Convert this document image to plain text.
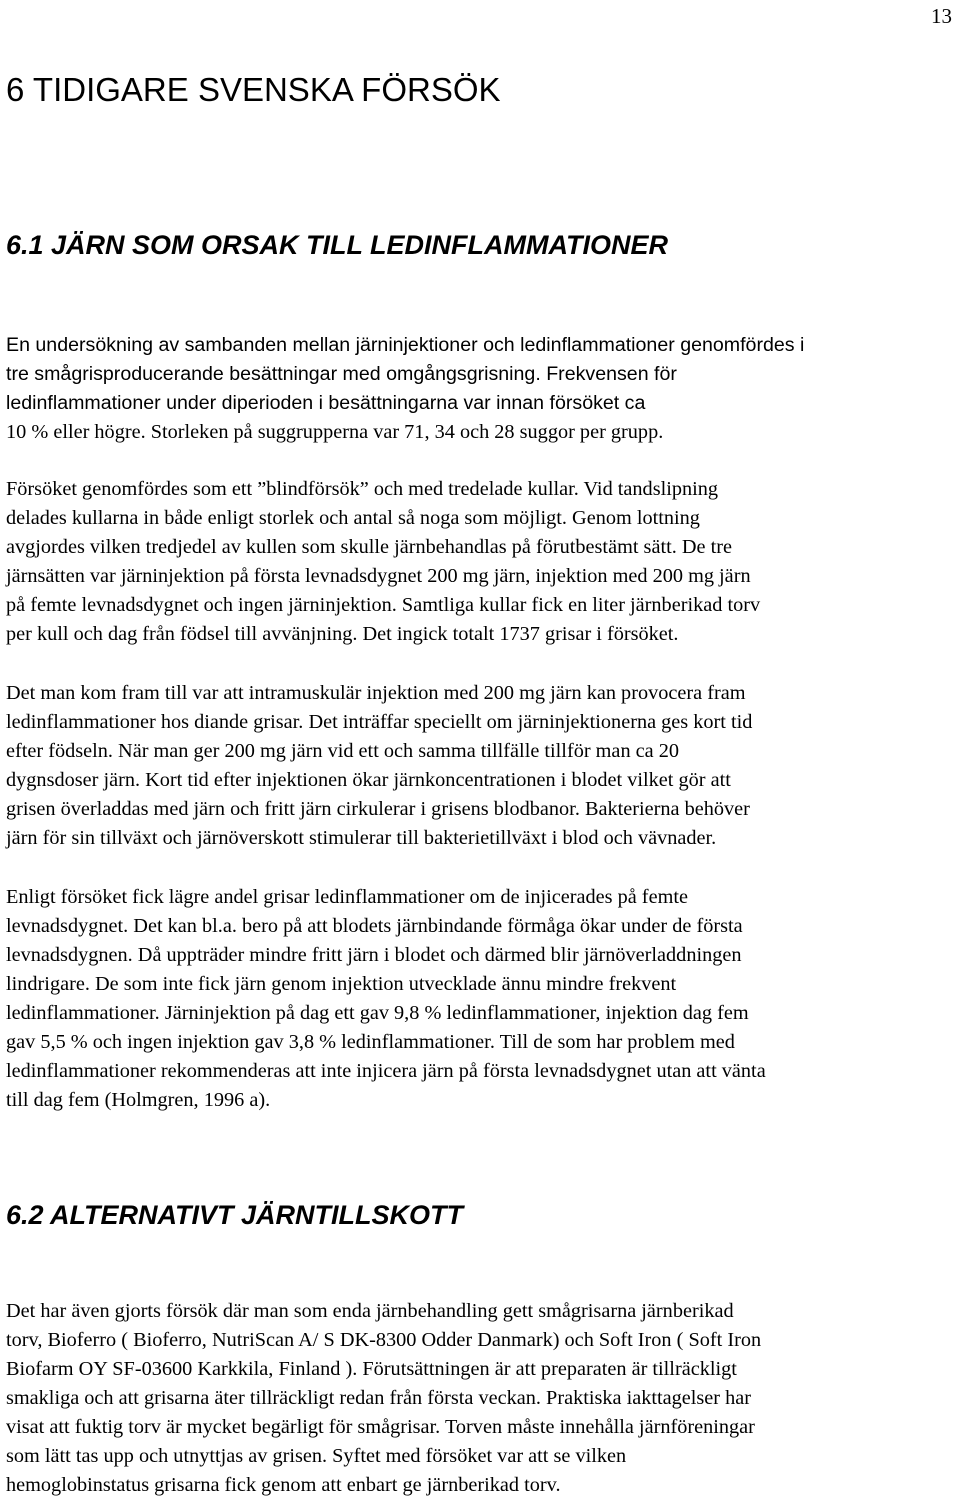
13
6 TIDIGARE SVENSKA FÖRSÖK
6.1 JÄRN SOM ORSAK TILL LEDINFLAMMATIONER

En undersökning av sambanden mellan järninjektioner och ledinflammationer genomfördes i
tre smågrisproducerande besättningar med omgångsgrisning. Frekvensen för
ledinflammationer under diperioden i besättningarna var innan försöket ca
10 % eller högre. Storleken på suggrupperna var 71, 34 och 28 suggor per grupp.

Försöket genomfördes som ett ”blindförsök” och med tredelade kullar. Vid tandslipning
delades kullarna in både enligt storlek och antal så noga som möjligt. Genom lottning
avgjordes vilken tredjedel av kullen som skulle järnbehandlas på förutbestämt sätt. De tre
järnsätten var järninjektion på första levnadsdygnet 200 mg järn, injektion med 200 mg järn
på femte levnadsdygnet och ingen järninjektion. Samtliga kullar fick en liter järnberikad torv
per kull och dag från födsel till avvänjning. Det ingick totalt 1737 grisar i försöket.

Det man kom fram till var att intramuskulär injektion med 200 mg järn kan provocera fram
ledinflammationer hos diande grisar. Det inträffar speciellt om järninjektionerna ges kort tid
efter födseln. När man ger 200 mg järn vid ett och samma tillfälle tillför man ca 20
dygnsdoser järn. Kort tid efter injektionen ökar järnkoncentrationen i blodet vilket gör att
grisen överladdas med järn och fritt järn cirkulerar i grisens blodbanor. Bakterierna behöver
järn för sin tillväxt och järnöverskott stimulerar till bakterietillväxt i blod och vävnader.

Enligt försöket fick lägre andel grisar ledinflammationer om de injicerades på femte
levnadsdygnet. Det kan bl.a. bero på att blodets järnbindande förmåga ökar under de första
levnadsdygnen. Då uppträder mindre fritt järn i blodet och därmed blir järnöverladdningen
lindrigare. De som inte fick järn genom injektion utvecklade ännu mindre frekvent
ledinflammationer. Järninjektion på dag ett gav 9,8 % ledinflammationer, injektion dag fem
gav 5,5 % och ingen injektion gav 3,8 % ledinflammationer. Till de som har problem med
ledinflammationer rekommenderas att inte injicera järn på första levnadsdygnet utan att vänta
till dag fem (Holmgren, 1996 a).

6.2 ALTERNATIVT JÄRNTILLSKOTT

Det har även gjorts försök där man som enda järnbehandling gett smågrisarna järnberikad
torv, Bioferro ( Bioferro, NutriScan A/ S DK-8300 Odder Danmark) och Soft Iron ( Soft Iron
Biofarm OY SF-03600 Karkkila, Finland ). Förutsättningen är att preparaten är tillräckligt
smakliga och att grisarna äter tillräckligt redan från första veckan. Praktiska iakttagelser har
visat att fuktig torv är mycket begärligt för smågrisar. Torven måste innehålla järnföreningar
som lätt tas upp och utnyttjas av grisen. Syftet med försöket var att se vilken
hemoglobinstatus grisarna fick genom att enbart ge järnberikad torv.
